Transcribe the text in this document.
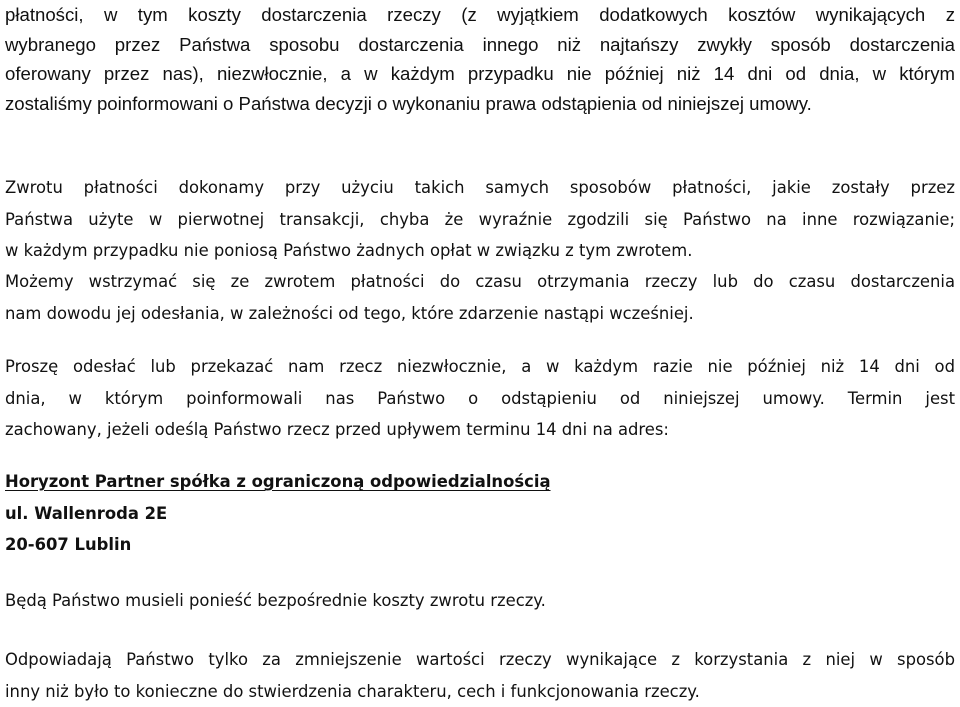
płatności, w tym koszty dostarczenia rzeczy (z wyjątkiem dodatkowych kosztów wynikających z
wybranego przez Państwa sposobu dostarczenia innego niż najtańszy zwykły sposób dostarczenia
oferowany przez nas), niezwłocznie, a w każdym przypadku nie później niż 14 dni od dnia, w którym
zostaliśmy poinformowani o Państwa decyzji o wykonaniu prawa odstąpienia od niniejszej umowy.
Zwrotu płatności dokonamy przy użyciu takich samych sposobów płatności, jakie zostały przez
Państwa użyte w pierwotnej transakcji, chyba że wyraźnie zgodzili się Państwo na inne rozwiązanie;
w każdym przypadku nie poniosą Państwo żadnych opłat w związku z tym zwrotem.
Możemy wstrzymać się ze zwrotem płatności do czasu otrzymania rzeczy lub do czasu dostarczenia
nam dowodu jej odesłania, w zależności od tego, które zdarzenie nastąpi wcześniej.
Proszę odesłać lub przekazać nam rzecz niezwłocznie, a w każdym razie nie później niż 14 dni od
dnia, w którym poinformowali nas Państwo o odstąpieniu od niniejszej umowy. Termin jest
zachowany, jeżeli odeślą Państwo rzecz przed upływem terminu 14 dni na adres:
Horyzont Partner spółka z ograniczoną odpowiedzialnością
ul. Wallenroda 2E
20-607 Lublin
Będą Państwo musieli ponieść bezpośrednie koszty zwrotu rzeczy.
Odpowiadają Państwo tylko za zmniejszenie wartości rzeczy wynikające z korzystania z niej w sposób
inny niż było to konieczne do stwierdzenia charakteru, cech i funkcjonowania rzeczy.
